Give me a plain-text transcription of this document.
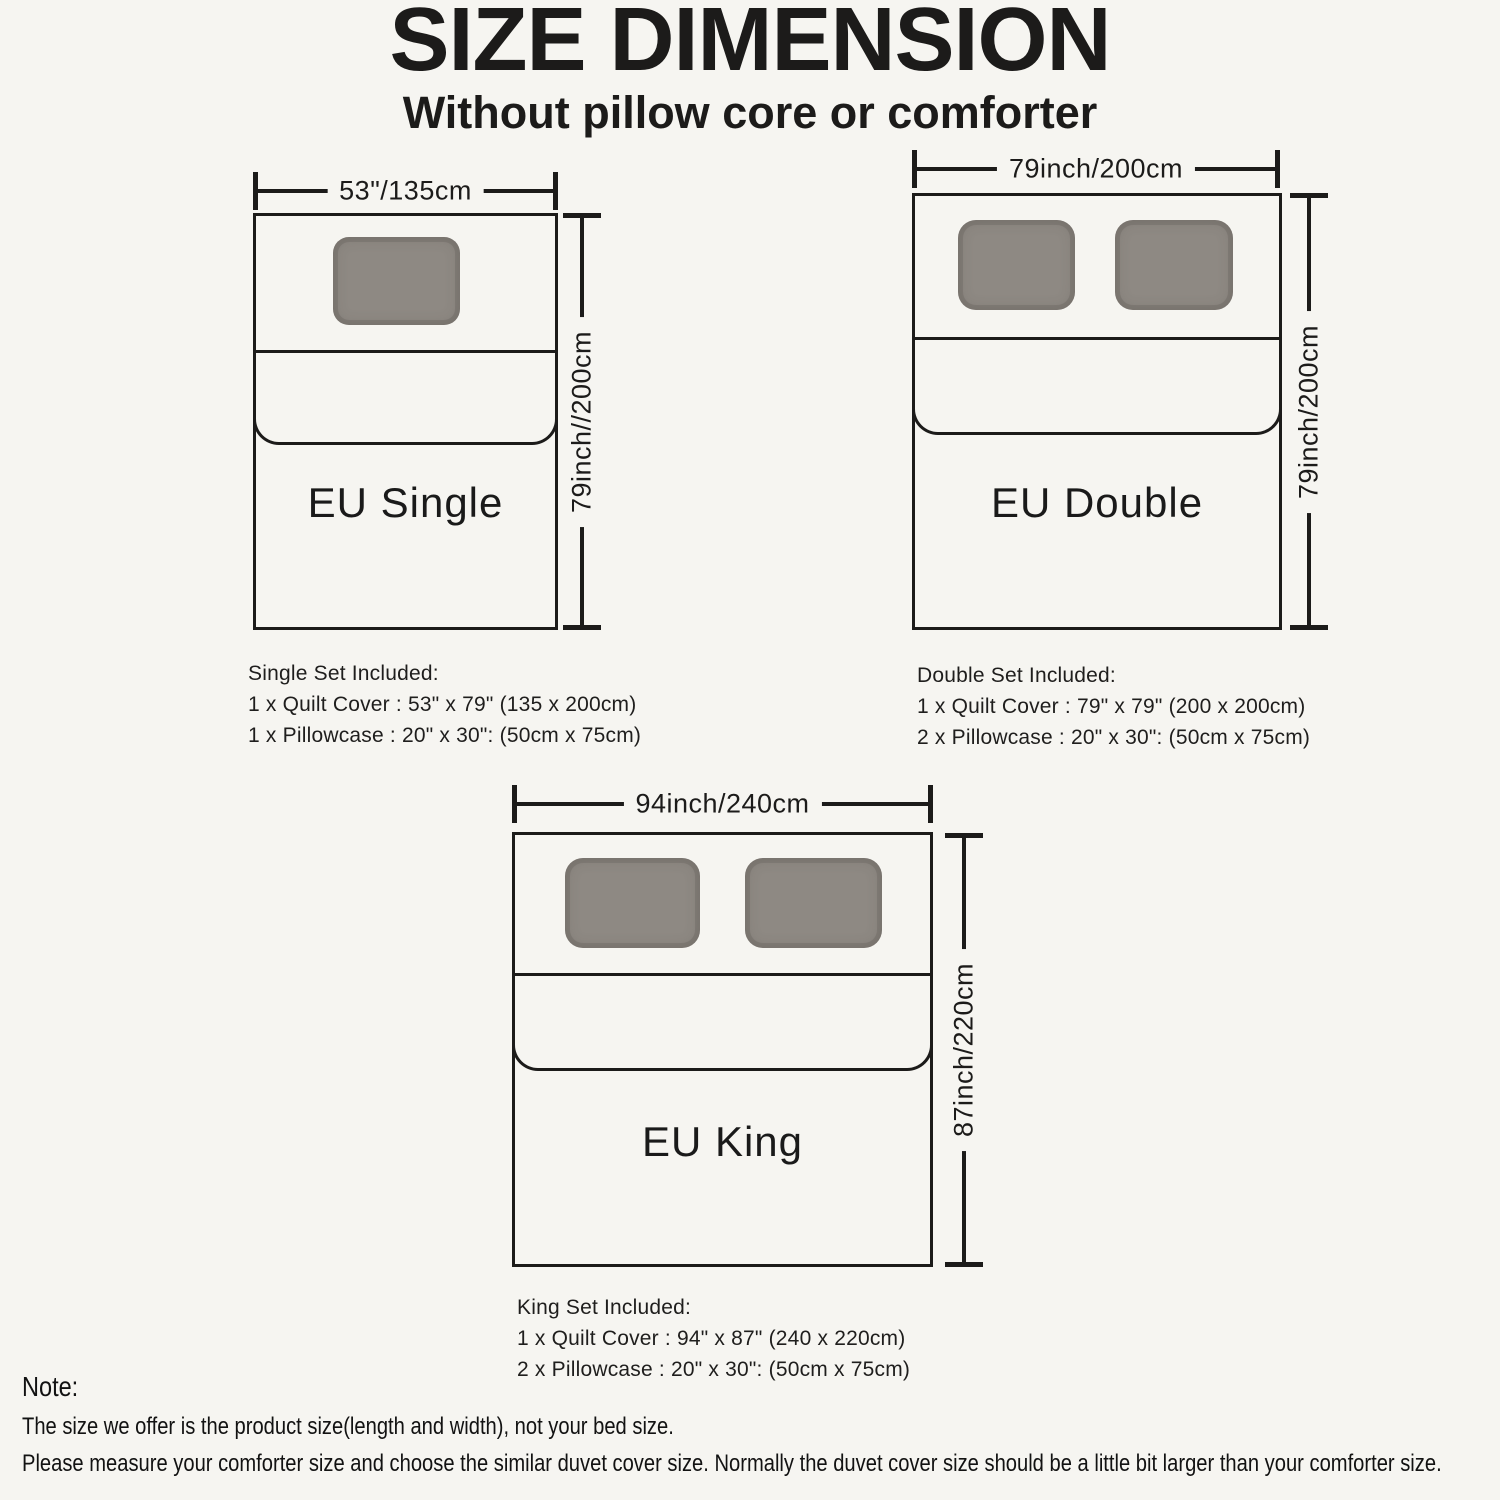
SIZE DIMENSION
Without pillow core or comforter
53"/135cm
EU Single	79inch//200cm
Single Set Included:
1 x Quilt Cover : 53" x 79" (135 x 200cm)
1 x Pillowcase : 20" x 30": (50cm x 75cm)
79inch/200cm
EU Double
79inch/200cm
Double Set Included:
1 x Quilt Cover : 79" x 79" (200 x 200cm)
2 x Pillowcase : 20" x 30": (50cm x 75cm)
94inch/240cm
EU King
87inch/220cm
King Set Included:
1 x Quilt Cover : 94" x 87" (240 x 220cm)
2 x Pillowcase : 20" x 30": (50cm x 75cm)
Note:
The size we offer is the product size(length and width), not your bed size.
Please measure your comforter size and choose the similar duvet cover size. Normally the duvet cover size should be a little bit larger than your comforter size.
